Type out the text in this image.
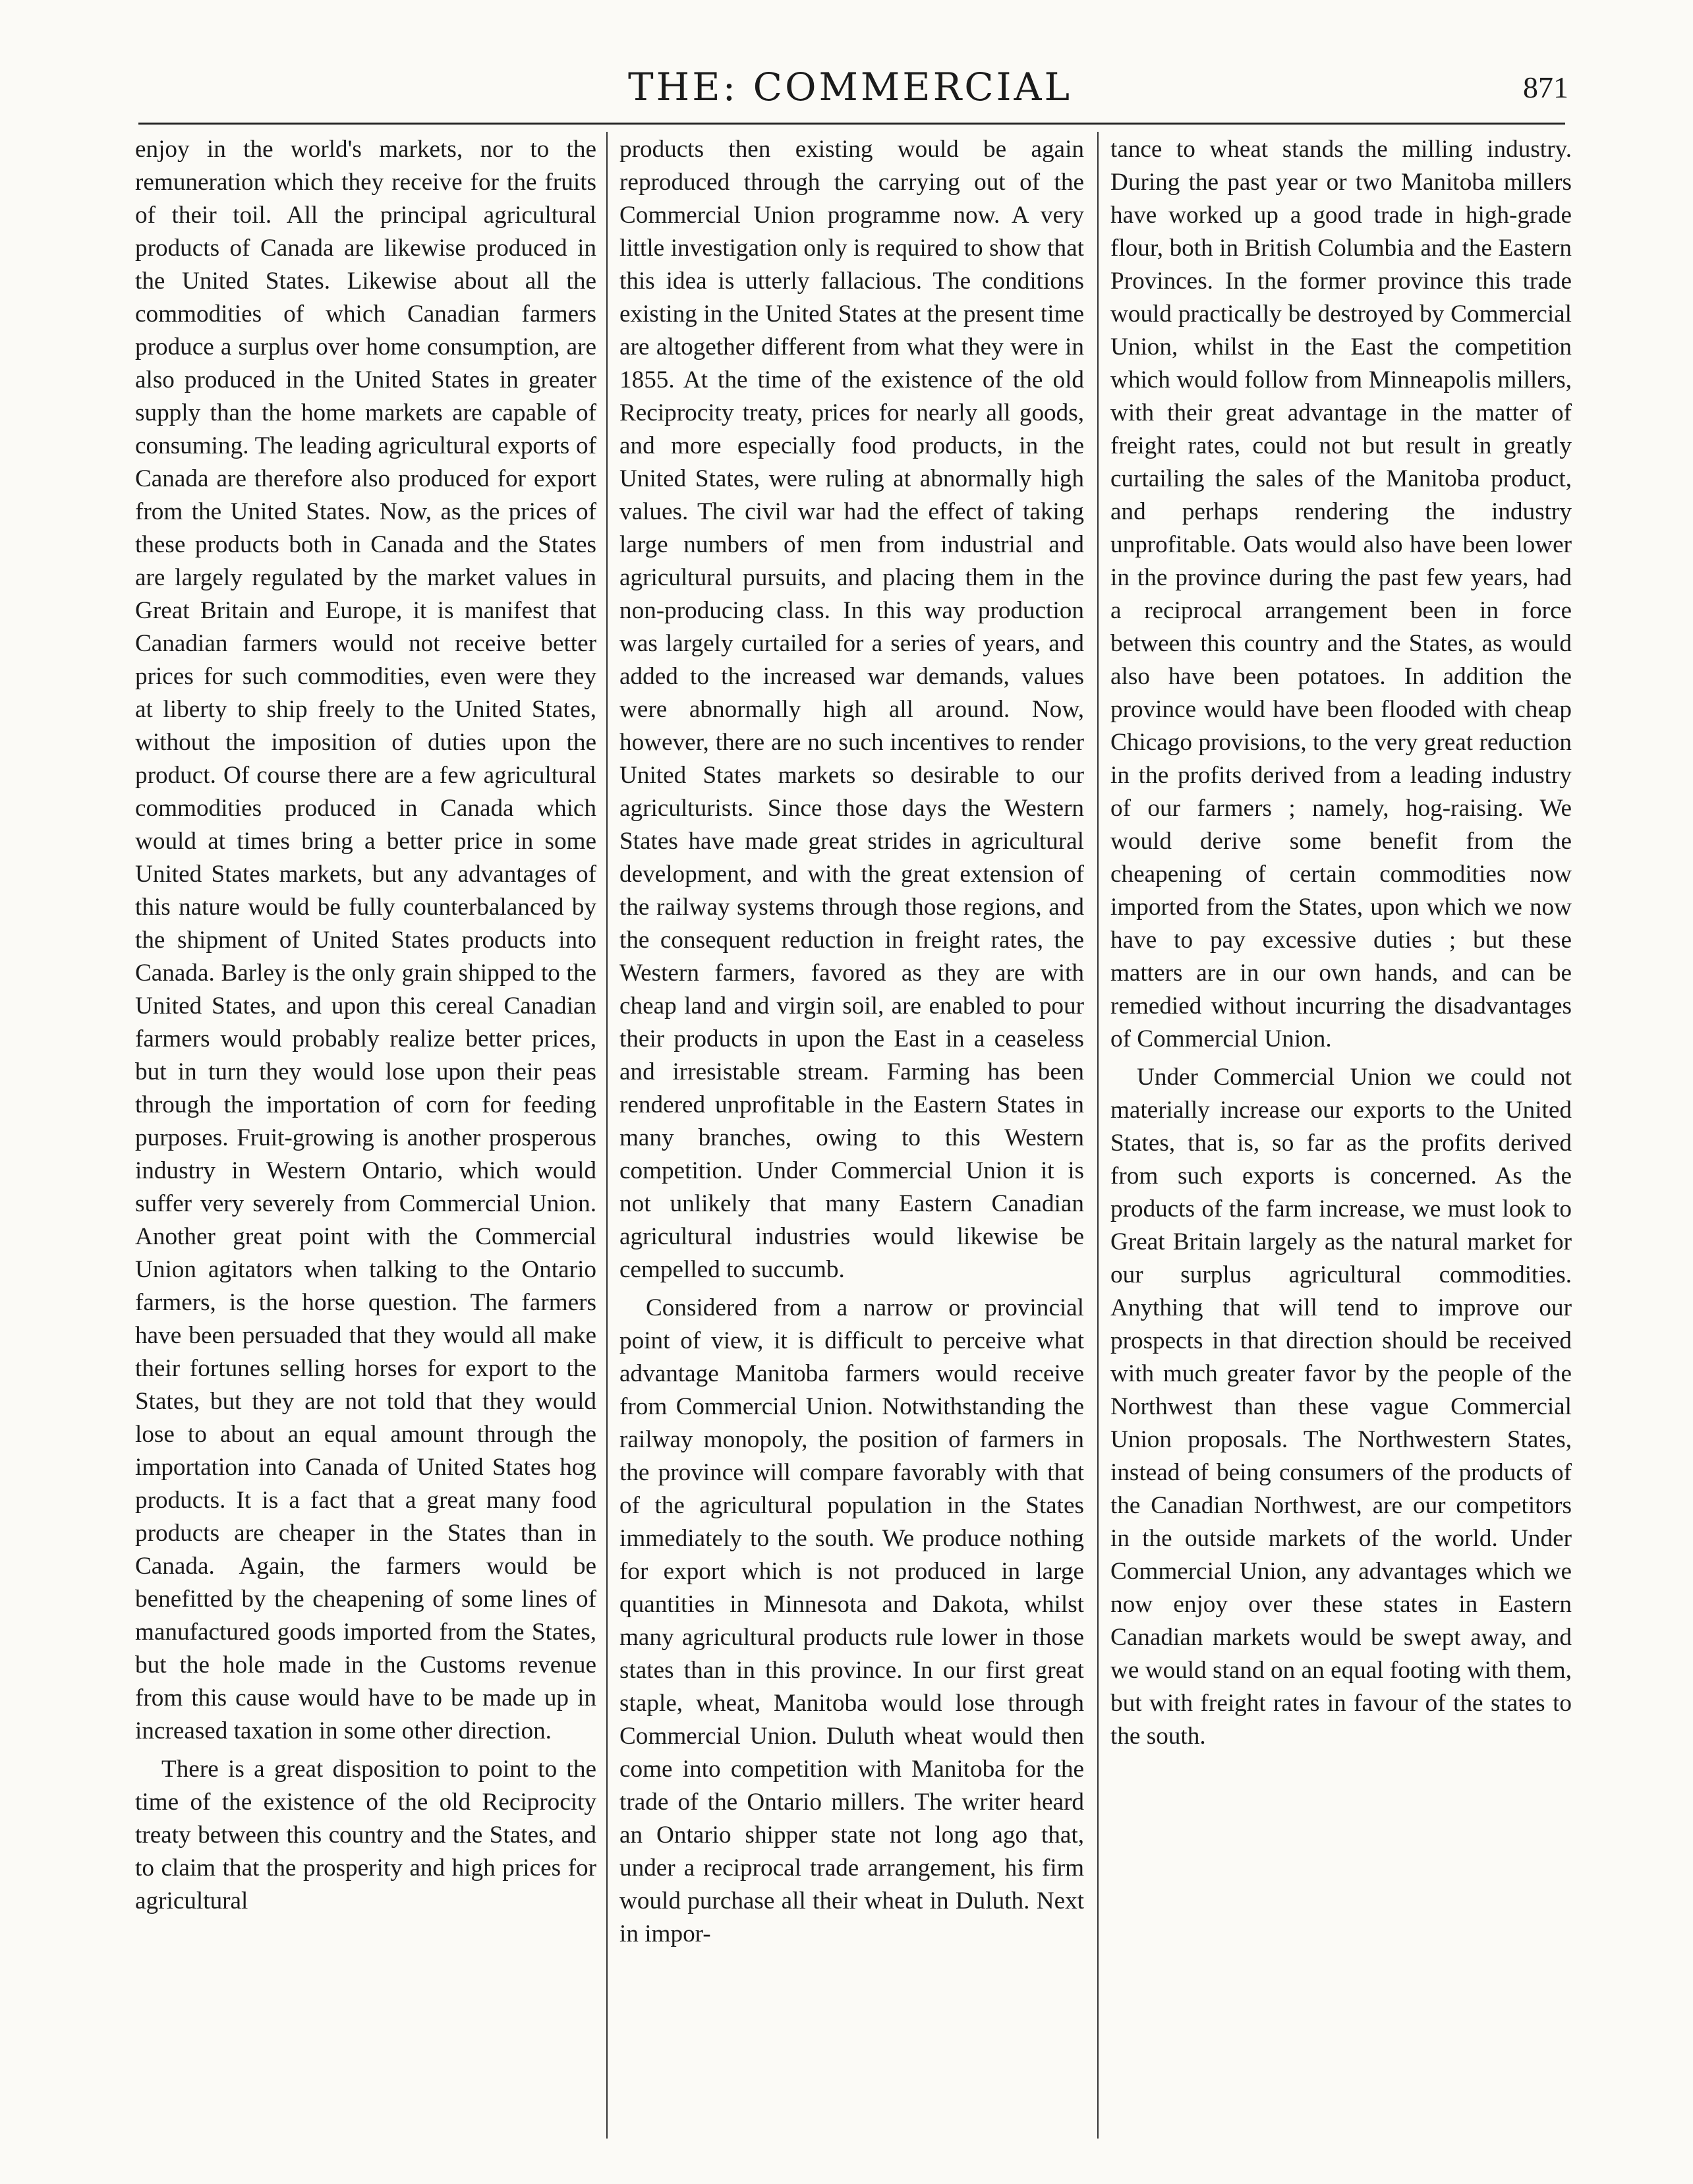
THE: COMMERCIAL	871

enjoy in the world's markets, nor to the remuneration which they receive for the fruits of their toil. All the principal agricultural products of Canada are likewise produced in the United States. Likewise about all the commodities of which Canadian farmers produce a surplus over home consumption, are also produced in the United States in greater supply than the home markets are capable of consuming. The leading agricultural exports of Canada are therefore also produced for export from the United States. Now, as the prices of these products both in Canada and the States are largely regulated by the market values in Great Britain and Europe, it is manifest that Canadian farmers would not receive better prices for such commodities, even were they at liberty to ship freely to the United States, without the imposition of duties upon the product. Of course there are a few agricultural commodities produced in Canada which would at times bring a better price in some United States markets, but any advantages of this nature would be fully counterbalanced by the shipment of United States products into Canada. Barley is the only grain shipped to the United States, and upon this cereal Canadian farmers would probably realize better prices, but in turn they would lose upon their peas through the importation of corn for feeding purposes. Fruit-growing is another prosperous industry in Western Ontario, which would suffer very severely from Commercial Union. Another great point with the Commercial Union agitators when talking to the Ontario farmers, is the horse question. The farmers have been persuaded that they would all make their fortunes selling horses for export to the States, but they are not told that they would lose to about an equal amount through the importation into Canada of United States hog products. It is a fact that a great many food products are cheaper in the States than in Canada. Again, the farmers would be benefitted by the cheapening of some lines of manufactured goods imported from the States, but the hole made in the Customs revenue from this cause would have to be made up in increased taxation in some other direction.

There is a great disposition to point to the time of the existence of the old Reciprocity treaty between this country and the States, and to claim that the prosperity and high prices for agricultural

products then existing would be again reproduced through the carrying out of the Commercial Union programme now. A very little investigation only is required to show that this idea is utterly fallacious. The conditions existing in the United States at the present time are altogether different from what they were in 1855. At the time of the existence of the old Reciprocity treaty, prices for nearly all goods, and more especially food products, in the United States, were ruling at abnormally high values. The civil war had the effect of taking large numbers of men from industrial and agricultural pursuits, and placing them in the non-producing class. In this way production was largely curtailed for a series of years, and added to the increased war demands, values were abnormally high all around. Now, however, there are no such incentives to render United States markets so desirable to our agriculturists. Since those days the Western States have made great strides in agricultural development, and with the great extension of the railway systems through those regions, and the consequent reduction in freight rates, the Western farmers, favored as they are with cheap land and virgin soil, are enabled to pour their products in upon the East in a ceaseless and irresistable stream. Farming has been rendered unprofitable in the Eastern States in many branches, owing to this Western competition. Under Commercial Union it is not unlikely that many Eastern Canadian agricultural industries would likewise be cempelled to succumb.

Considered from a narrow or provincial point of view, it is difficult to perceive what advantage Manitoba farmers would receive from Commercial Union. Notwithstanding the railway monopoly, the position of farmers in the province will compare favorably with that of the agricultural population in the States immediately to the south. We produce nothing for export which is not produced in large quantities in Minnesota and Dakota, whilst many agricultural products rule lower in those states than in this province. In our first great staple, wheat, Manitoba would lose through Commercial Union. Duluth wheat would then come into competition with Manitoba for the trade of the Ontario millers. The writer heard an Ontario shipper state not long ago that, under a reciprocal trade arrangement, his firm would purchase all their wheat in Duluth. Next in impor-

tance to wheat stands the milling industry. During the past year or two Manitoba millers have worked up a good trade in high-grade flour, both in British Columbia and the Eastern Provinces. In the former province this trade would practically be destroyed by Commercial Union, whilst in the East the competition which would follow from Minneapolis millers, with their great advantage in the matter of freight rates, could not but result in greatly curtailing the sales of the Manitoba product, and perhaps rendering the industry unprofitable. Oats would also have been lower in the province during the past few years, had a reciprocal arrangement been in force between this country and the States, as would also have been potatoes. In addition the province would have been flooded with cheap Chicago provisions, to the very great reduction in the profits derived from a leading industry of our farmers ; namely, hog-raising. We would derive some benefit from the cheapening of certain commodities now imported from the States, upon which we now have to pay excessive duties ; but these matters are in our own hands, and can be remedied without incurring the disadvantages of Commercial Union.

Under Commercial Union we could not materially increase our exports to the United States, that is, so far as the profits derived from such exports is concerned. As the products of the farm increase, we must look to Great Britain largely as the natural market for our surplus agricultural commodities. Anything that will tend to improve our prospects in that direction should be received with much greater favor by the people of the Northwest than these vague Commercial Union proposals. The Northwestern States, instead of being consumers of the products of the Canadian Northwest, are our competitors in the outside markets of the world. Under Commercial Union, any advantages which we now enjoy over these states in Eastern Canadian markets would be swept away, and we would stand on an equal footing with them, but with freight rates in favour of the states to the south.
